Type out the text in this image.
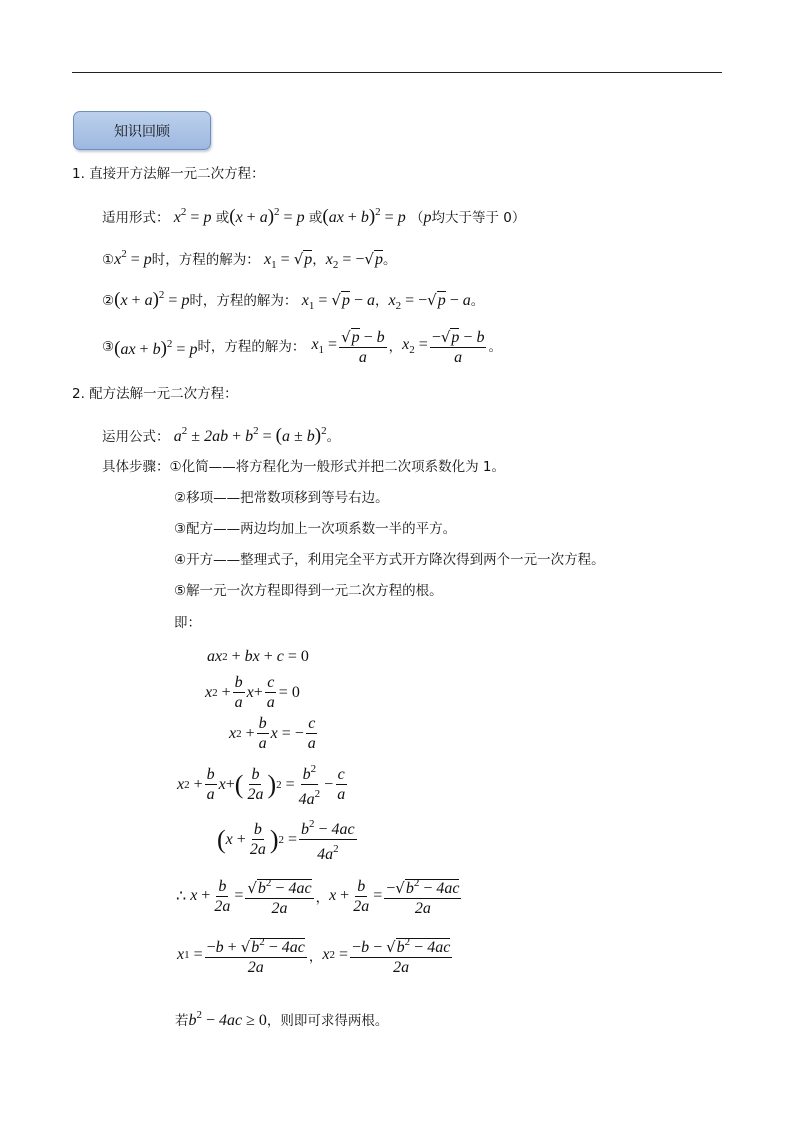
知识回顾
1. 直接开方法解一元二次方程：
适用形式： $x^2 = p$ 或$(x + a)^2 = p$ 或(ax + b)$^2$ = p （p均大于等于 0）
$①x^2 = p$时，方程的解为： $x_1 = √p$，$x_2 = -√p$。
②(x + a)$^2$ = p时，方程的解为： $x_1 = √p - a$，$x_2 = -√p - a$。
③ (ax + b)$^2$ = p 时，方程的解为： $x_1 = \frac{√p - b}{a}$ ， $x_2 = \frac{-√p - b}{a}$ 。
2. 配方法解一元二次方程：
运用公式： $a^2 \pm 2ab + b^2 = (a \pm b)^2$。
具体步骤：①化简——将方程化为一般形式并把二次项系数化为 1。
②移项——把常数项移到等号右边。
③配方——两边均加上一次项系数一半的平方。
④开方——整理式子，利用完全平方式开方降次得到两个一元一次方程。
⑤解一元一次方程即得到一元二次方程的根。
即：
ax 2
+ bx + c =
0
x 2
+ $\frac{b}{a}$ $x + \frac{c}{a}$ =
0
x 2
+ $\frac{b}{a}$ x = − $\frac{c}{a}$
x 2
+ $\frac{b}{a}$ x + ( $\frac{b}{2a}$ ) 2
= $\frac{b^2}{4a^2} - \frac{c}{a}$
( $x + \frac{b}{2a}$ ) 2
= $\frac{b^2 - 4ac}{4a^2}$
∴ $x + \frac{b}{2a} = \frac{√b^2 - 4ac}{2a}$ ， $x + \frac{b}{2a} = \frac{-√b^2 - 4ac}{2a}$
x 1
= $\frac{-b + √b^2 - 4ac}{2a}$ ， x 2
= $\frac{-b - √b^2 - 4ac}{2a}$
若$b^2 - 4ac \ge 0$，则即可求得两根。
